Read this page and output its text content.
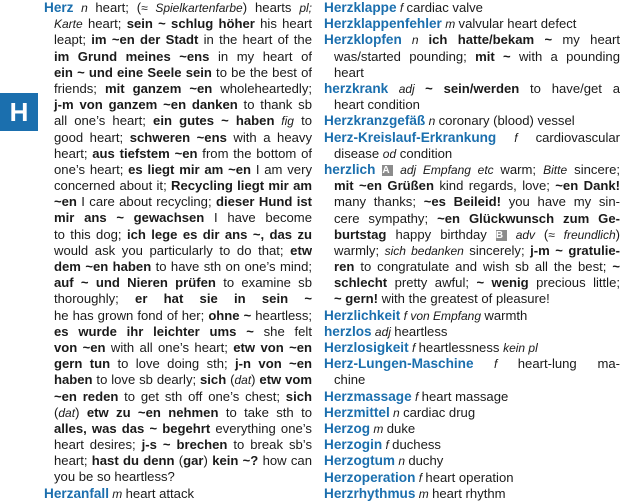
H
Herz n heart; (≈ Spielkartenfarbe) hearts pl;
Karte heart; sein ~ schlug höher his heart
leapt; im ~en der Stadt in the heart of the
im Grund meines ~ens in my heart of
ein ~ und eine Seele sein to be the best of
friends; mit ganzem ~en wholeheartedly;
j-m von ganzem ~en danken to thank sb
all one’s heart; ein gutes ~ haben fig to
good heart; schweren ~ens with a heavy
heart; aus tiefstem ~en from the bottom of
one’s heart; es liegt mir am ~en I am very
concerned about it; Recycling liegt mir am
~en I care about recycling; dieser Hund ist
mir ans ~ gewachsen I have become
to this dog; ich lege es dir ans ~, das zu
would ask you particularly to do that; etw
dem ~en haben to have sth on one’s mind;
auf ~ und Nieren prüfen to examine sb
thoroughly; er hat sie in sein ~
he has grown fond of her; ohne ~ heartless;
es wurde ihr leichter ums ~ she felt
von ~en with all one’s heart; etw von ~en
gern tun to love doing sth; j-n von ~en
haben to love sb dearly; sich (dat) etw vom
~en reden to get sth off one’s chest; sich
(dat) etw zu ~en nehmen to take sth to
alles, was das ~ begehrt everything one’s
heart desires; j-s ~ brechen to break sb’s
heart; hast du denn (gar) kein ~? how can
you be so heartless?
Herzanfall m heart attack
Herzklappe f cardiac valve
Herzklappenfehler m valvular heart defect
Herzklopfen n ich hatte/bekam ~ my heart
was/started pounding; mit ~ with a pounding
heart
herzkrank adj ~ sein/werden to have/get a
heart condition
Herzkranzgefäß n coronary (blood) vessel
Herz-Kreislauf-Erkrankung f cardiovascular
disease od condition
herzlich A adj Empfang etc warm; Bitte sincere;
mit ~en Grüßen kind regards, love; ~en Dank!
many thanks; ~es Beileid! you have my sin-
cere sympathy; ~en Glückwunsch zum Ge-
burtstag happy birthday B adv (≈ freundlich)
warmly; sich bedanken sincerely; j-m ~ gratulie-
ren to congratulate and wish sb all the best; ~
schlecht pretty awful; ~ wenig precious little;
~ gern! with the greatest of pleasure!
Herzlichkeit f von Empfang warmth
herzlos adj heartless
Herzlosigkeit f heartlessness kein pl
Herz-Lungen-Maschine f heart-lung ma-
chine
Herzmassage f heart massage
Herzmittel n cardiac drug
Herzog m duke
Herzogin f duchess
Herzogtum n duchy
Herzoperation f heart operation
Herzrhythmus m heart rhythm
